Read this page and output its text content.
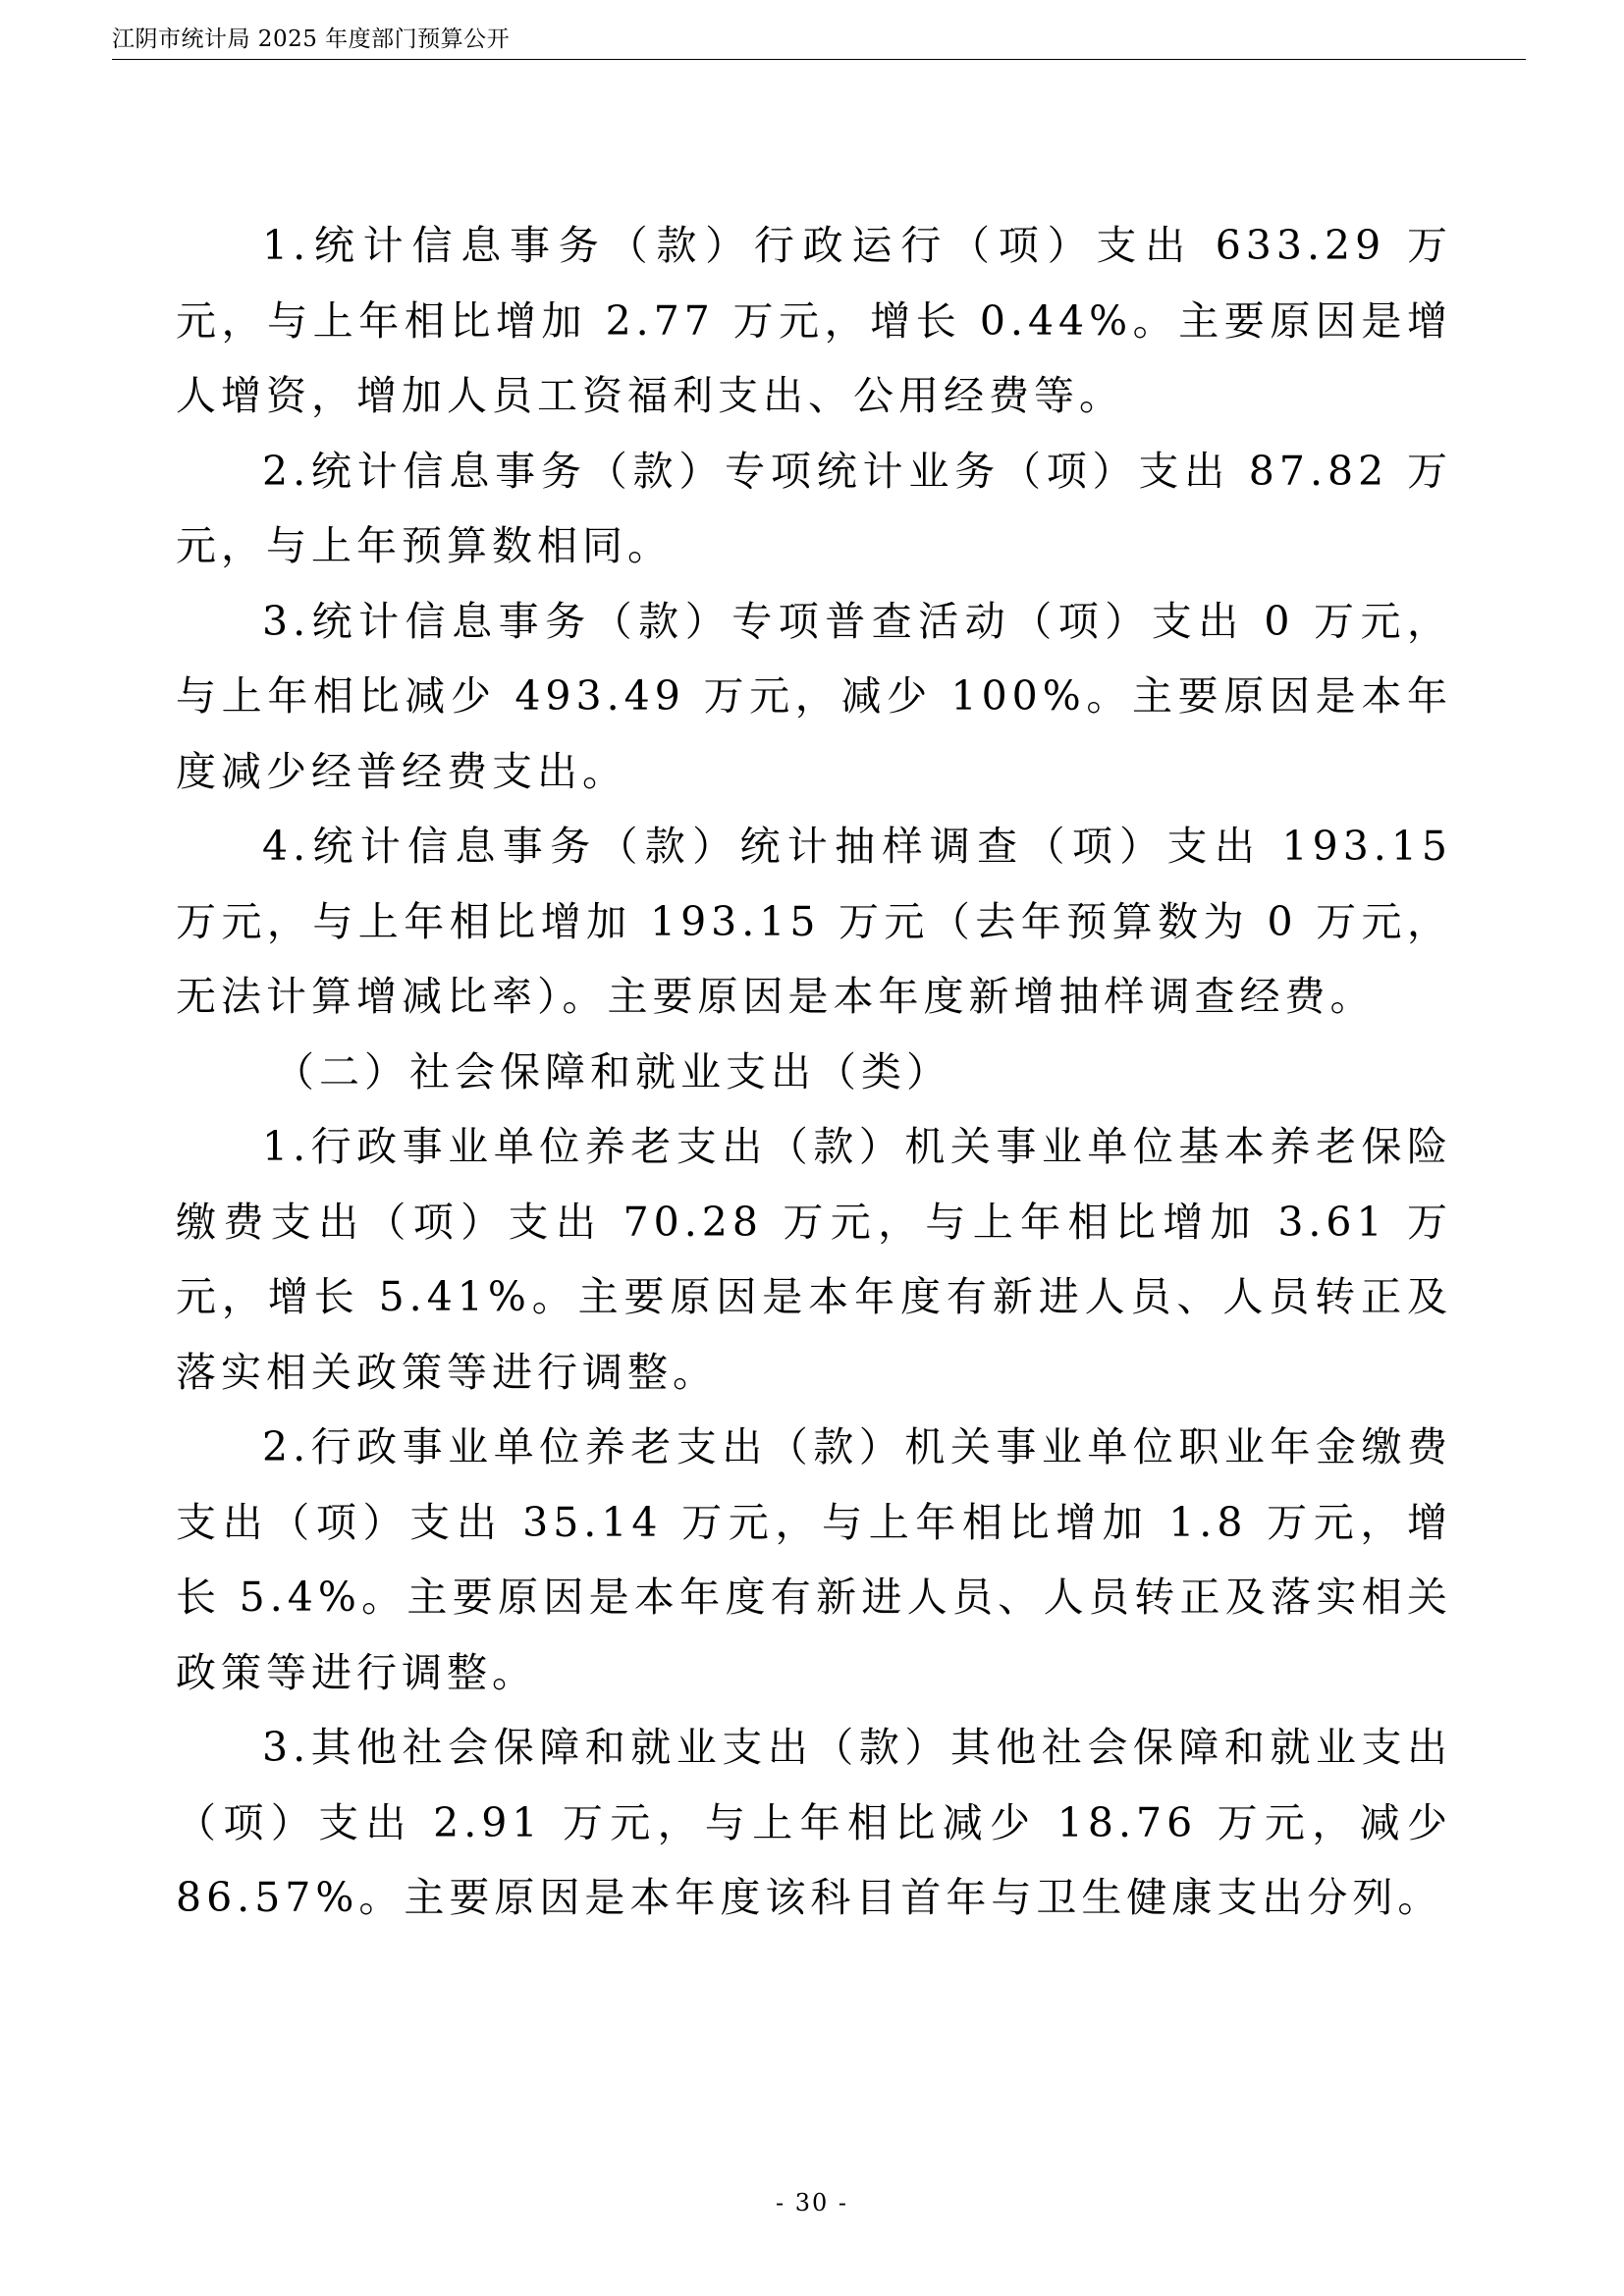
江阴市统计局 2025 年度部门预算公开

1.统计信息事务（款）行政运行（项）支出 633.29 万元，与上年相比增加 2.77 万元，增长 0.44%。主要原因是增人增资，增加人员工资福利支出、公用经费等。

2.统计信息事务（款）专项统计业务（项）支出 87.82 万元，与上年预算数相同。

3.统计信息事务（款）专项普查活动（项）支出 0 万元，与上年相比减少 493.49 万元，减少 100%。主要原因是本年度减少经普经费支出。

4.统计信息事务（款）统计抽样调查（项）支出 193.15 万元，与上年相比增加 193.15 万元（去年预算数为 0 万元，无法计算增减比率）。主要原因是本年度新增抽样调查经费。

（二）社会保障和就业支出（类）

1.行政事业单位养老支出（款）机关事业单位基本养老保险缴费支出（项）支出 70.28 万元，与上年相比增加 3.61 万元，增长 5.41%。主要原因是本年度有新进人员、人员转正及落实相关政策等进行调整。

2.行政事业单位养老支出（款）机关事业单位职业年金缴费支出（项）支出 35.14 万元，与上年相比增加 1.8 万元，增长 5.4%。主要原因是本年度有新进人员、人员转正及落实相关政策等进行调整。

3.其他社会保障和就业支出（款）其他社会保障和就业支出（项）支出 2.91 万元，与上年相比减少 18.76 万元，减少 86.57%。主要原因是本年度该科目首年与卫生健康支出分列。

- 30 -
